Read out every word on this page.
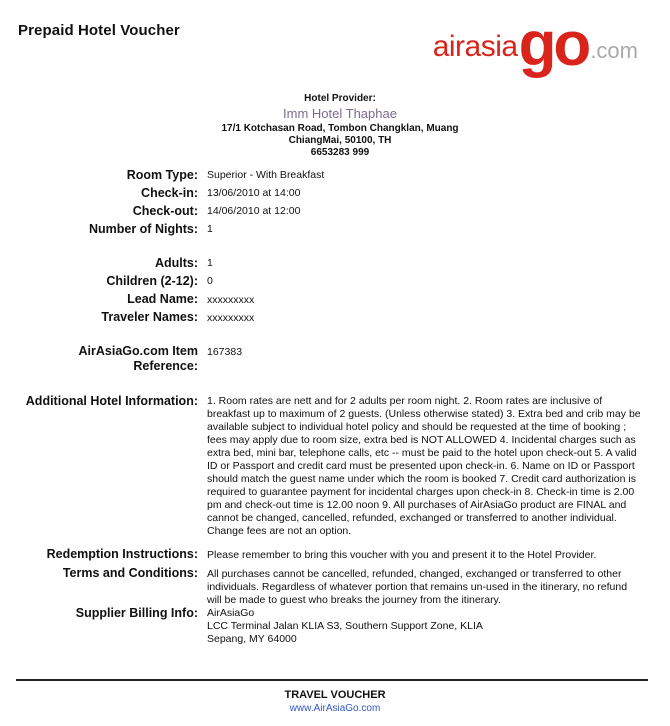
Prepaid Hotel Voucher	airasia go .com
Hotel Provider:
Imm Hotel Thaphae
17/1 Kotchasan Road, Tombon Changklan, Muang
ChiangMai, 50100, TH
6653283 999
Room Type: Superior - With Breakfast
Check-in: 13/06/2010 at 14:00
Check-out: 14/06/2010 at 12:00
Number of Nights: 1
Adults: 1
Children (2-12): 0
Lead Name: xxxxxxxxx
Traveler Names: xxxxxxxxx
AirAsiaGo.com Item Reference:
167383
Additional Hotel Information: 1. Room rates are nett and for 2 adults per room night. 2. Room rates are inclusive of breakfast up to maximum of 2 guests. (Unless otherwise stated) 3. Extra bed and crib may be available subject to individual hotel policy and should be requested at the time of booking ; fees may apply due to room size, extra bed is NOT ALLOWED 4. Incidental charges such as extra bed, mini bar, telephone calls, etc -- must be paid to the hotel upon check-out 5. A valid ID or Passport and credit card must be presented upon check-in. 6. Name on ID or Passport should match the guest name under which the room is booked 7. Credit card authorization is required to guarantee payment for incidental charges upon check-in 8. Check-in time is 2.00 pm and check-out time is 12.00 noon 9. All purchases of AirAsiaGo product are FINAL and cannot be changed, cancelled, refunded, exchanged or transferred to another individual. Change fees are not an option.
Redemption Instructions: Please remember to bring this voucher with you and present it to the Hotel Provider.
Terms and Conditions: All purchases cannot be cancelled, refunded, changed, exchanged or transferred to other individuals. Regardless of whatever portion that remains un-used in the itinerary, no refund will be made to guest who breaks the journey from the itinerary.
Supplier Billing Info: AirAsiaGo
LCC Terminal Jalan KLIA S3, Southern Support Zone, KLIA
Sepang, MY 64000
TRAVEL VOUCHER
www.AirAsiaGo.com
